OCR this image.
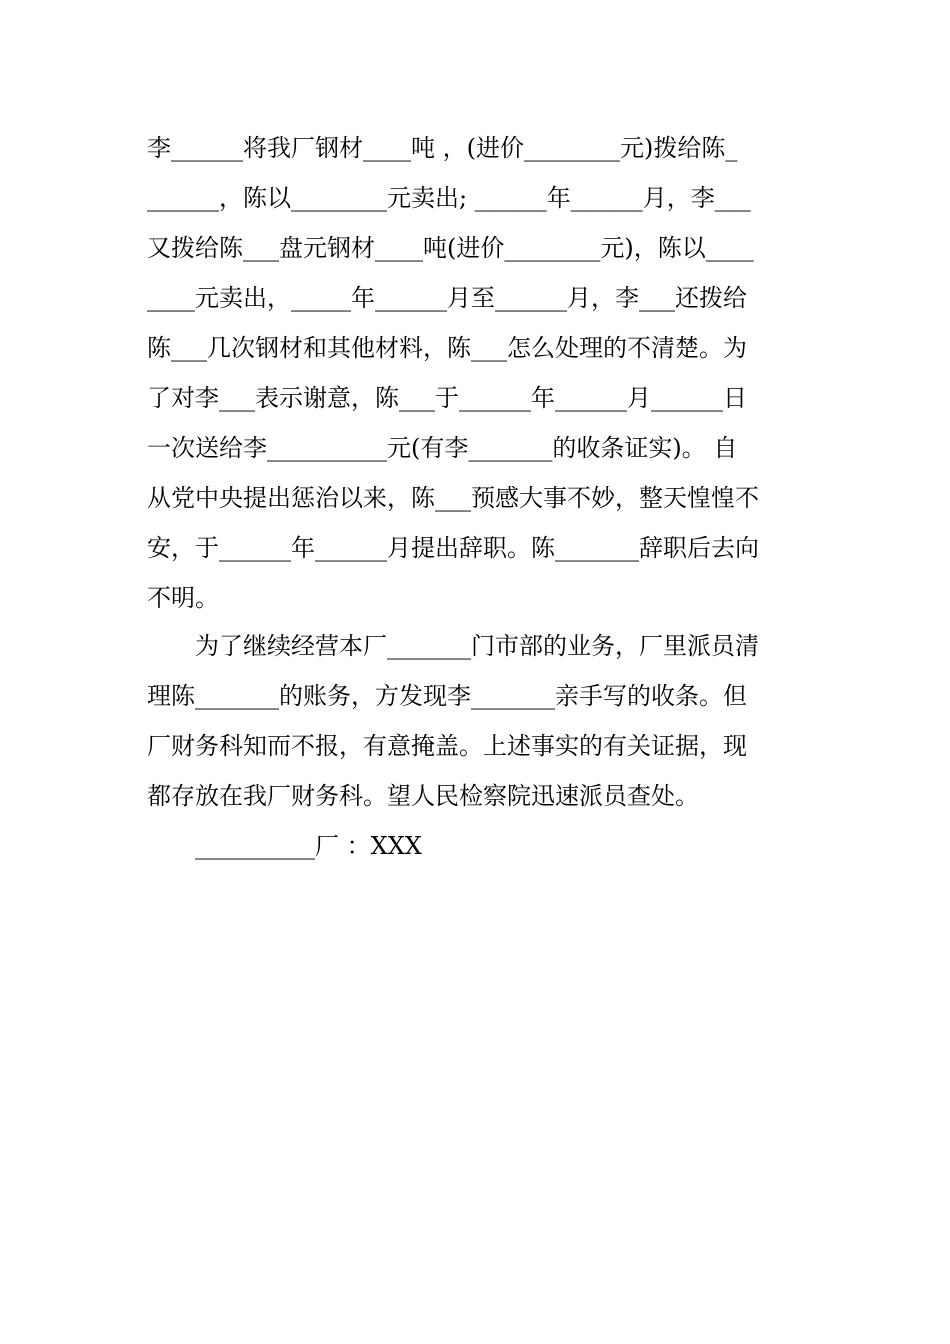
李______将我厂钢材____吨 ，(进价________元)拨给陈_
______，陈以________元卖出; ______年______月，李___
又拨给陈___盘元钢材____吨(进价________元)，陈以____
____元卖出，_____年______月至______月，李___还拨给
陈___几次钢材和其他材料，陈___怎么处理的不清楚。为
了对李___表示谢意，陈___于______年______月______日
一次送给李__________元(有李_______的收条证实)。 自
从党中央提出惩治以来，陈___预感大事不妙，整天惶惶不
安，于______年______月提出辞职。陈_______辞职后去向
不明。
为了继续经营本厂_______门市部的业务，厂里派员清
理陈_______的账务，方发现李_______亲手写的收条。但
厂财务科知而不报，有意掩盖。上述事实的有关证据，现
都存放在我厂财务科。望人民检察院迅速派员查处。
__________厂 ：XXX
